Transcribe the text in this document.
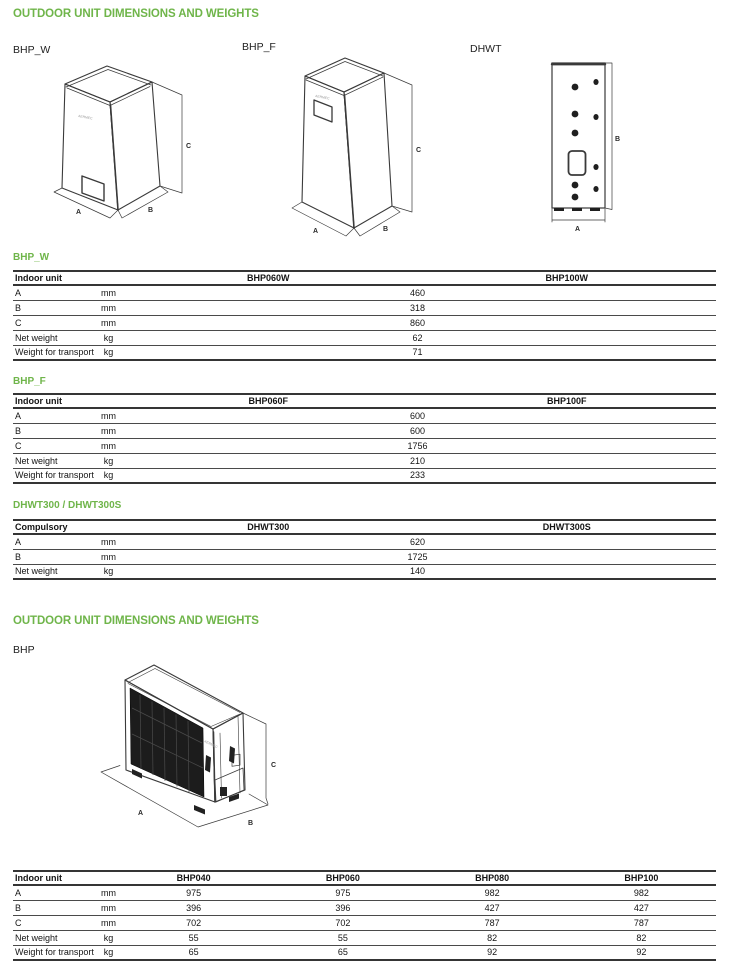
OUTDOOR UNIT DIMENSIONS AND WEIGHTS
BHP_W	BHP_F	DHWT
AERMEC
A	B
C
AERMEC
A	B
C
A
B
BHP_W
Indoor unit		BHP060W	BHP100W
A	mm	460	
B	mm	318	
C	mm	860	
Net weight	kg	62	
Weight for transport	kg	71	
BHP_F
Indoor unit		BHP060F	BHP100F
A	mm	600	
B	mm	600	
C	mm	1756	
Net weight	kg	210	
Weight for transport	kg	233	
DHWT300 / DHWT300S
Compulsory		DHWT300	DHWT300S
A	mm	620	
B	mm	1725	
Net weight	kg	140	
OUTDOOR UNIT DIMENSIONS AND WEIGHTS
BHP
AERMEC
A
B
C
Indoor unit		BHP040	BHP060	BHP080	BHP100
A	mm	975	975	982	982
B	mm	396	396	427	427
C	mm	702	702	787	787
Net weight	kg	55	55	82	82
Weight for transport	kg	65	65	92	92
